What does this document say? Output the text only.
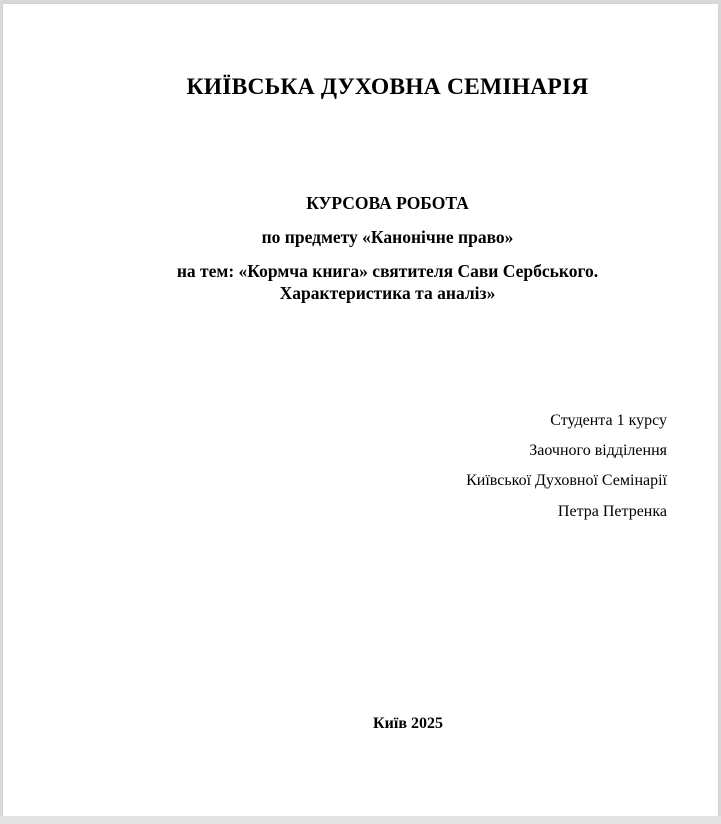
КИЇВСЬКА ДУХОВНА СЕМІНАРІЯ
КУРСОВА РОБОТА
по предмету «Канонічне право»
на тем: «Кормча книга» святителя Сави Сербського.
Характеристика та аналіз»
Студента 1 курсу
Заочного відділення
Київської Духовної Семінарії
Петра Петренка
Київ 2025
